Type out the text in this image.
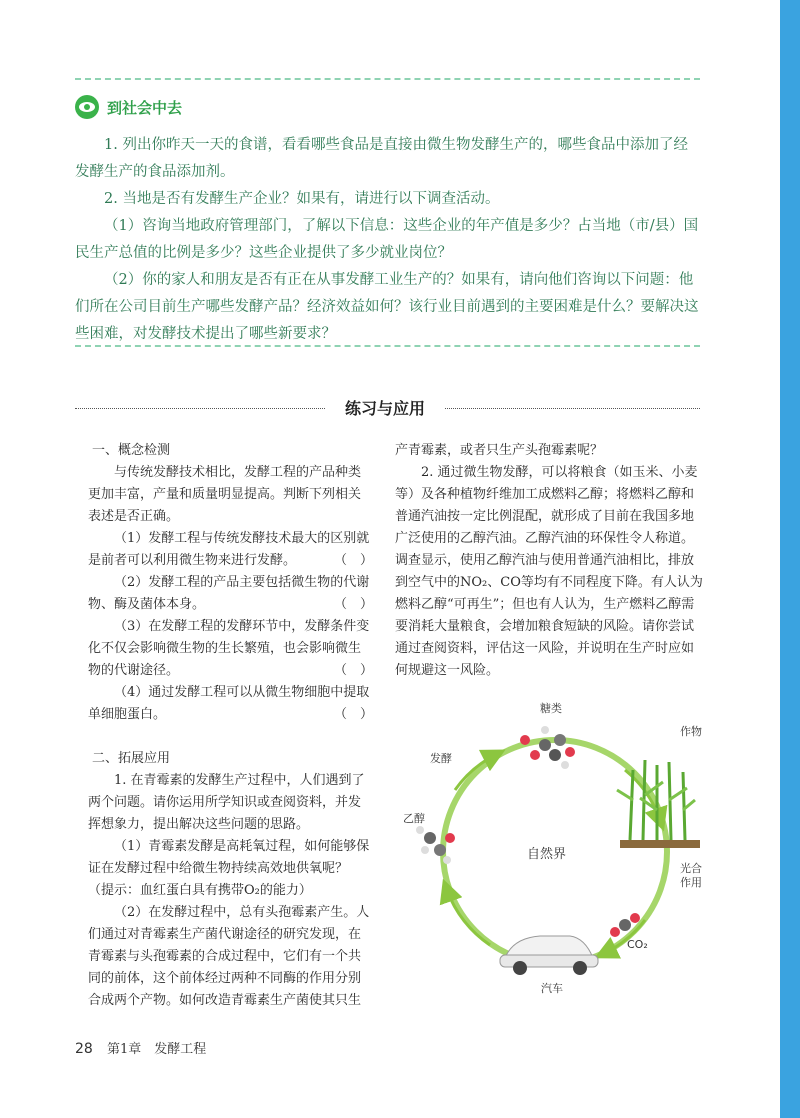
到社会中去

1. 列出你昨天一天的食谱，看看哪些食品是直接由微生物发酵生产的，哪些食品中添加了经发酵生产的食品添加剂。

2. 当地是否有发酵生产企业？如果有，请进行以下调查活动。

（1）咨询当地政府管理部门，了解以下信息：这些企业的年产值是多少？占当地（市/县）国民生产总值的比例是多少？这些企业提供了多少就业岗位？

（2）你的家人和朋友是否有正在从事发酵工业生产的？如果有，请向他们咨询以下问题：他们所在公司目前生产哪些发酵产品？经济效益如何？该行业目前遇到的主要困难是什么？要解决这些困难，对发酵技术提出了哪些新要求？

练习与应用
一、概念检测

与传统发酵技术相比，发酵工程的产品种类更加丰富，产量和质量明显提高。判断下列相关表述是否正确。

（1）发酵工程与传统发酵技术最大的区别就是前者可以利用微生物来进行发酵。	（　）

（2）发酵工程的产品主要包括微生物的代谢物、酶及菌体本身。	（　）

（3）在发酵工程的发酵环节中，发酵条件变化不仅会影响微生物的生长繁殖，也会影响微生物的代谢途径。	（　）

（4）通过发酵工程可以从微生物细胞中提取单细胞蛋白。	（　）

二、拓展应用

1. 在青霉素的发酵生产过程中，人们遇到了两个问题。请你运用所学知识或查阅资料，并发挥想象力，提出解决这些问题的思路。

（1）青霉素发酵是高耗氧过程，如何能够保证在发酵过程中给微生物持续高效地供氧呢？

（提示：血红蛋白具有携带O₂的能力）

（2）在发酵过程中，总有头孢霉素产生。人们通过对青霉素生产菌代谢途径的研究发现，在青霉素与头孢霉素的合成过程中，它们有一个共同的前体，这个前体经过两种不同酶的作用分别合成两个产物。如何改造青霉素生产菌使其只生

产青霉素，或者只生产头孢霉素呢？

2. 通过微生物发酵，可以将粮食（如玉米、小麦等）及各种植物纤维加工成燃料乙醇；将燃料乙醇和普通汽油按一定比例混配，就形成了目前在我国多地广泛使用的乙醇汽油。乙醇汽油的环保性令人称道。调查显示，使用乙醇汽油与使用普通汽油相比，排放到空气中的NO₂、CO等均有不同程度下降。有人认为燃料乙醇“可再生”；但也有人认为，生产燃料乙醇需要消耗大量粮食，会增加粮食短缺的风险。请你尝试通过查阅资料，评估这一风险，并说明在生产时应如何规避这一风险。

糖类
发酵
作物
光合
作用
乙醇
自然界
CO₂
汽车
28 第1章　发酵工程
